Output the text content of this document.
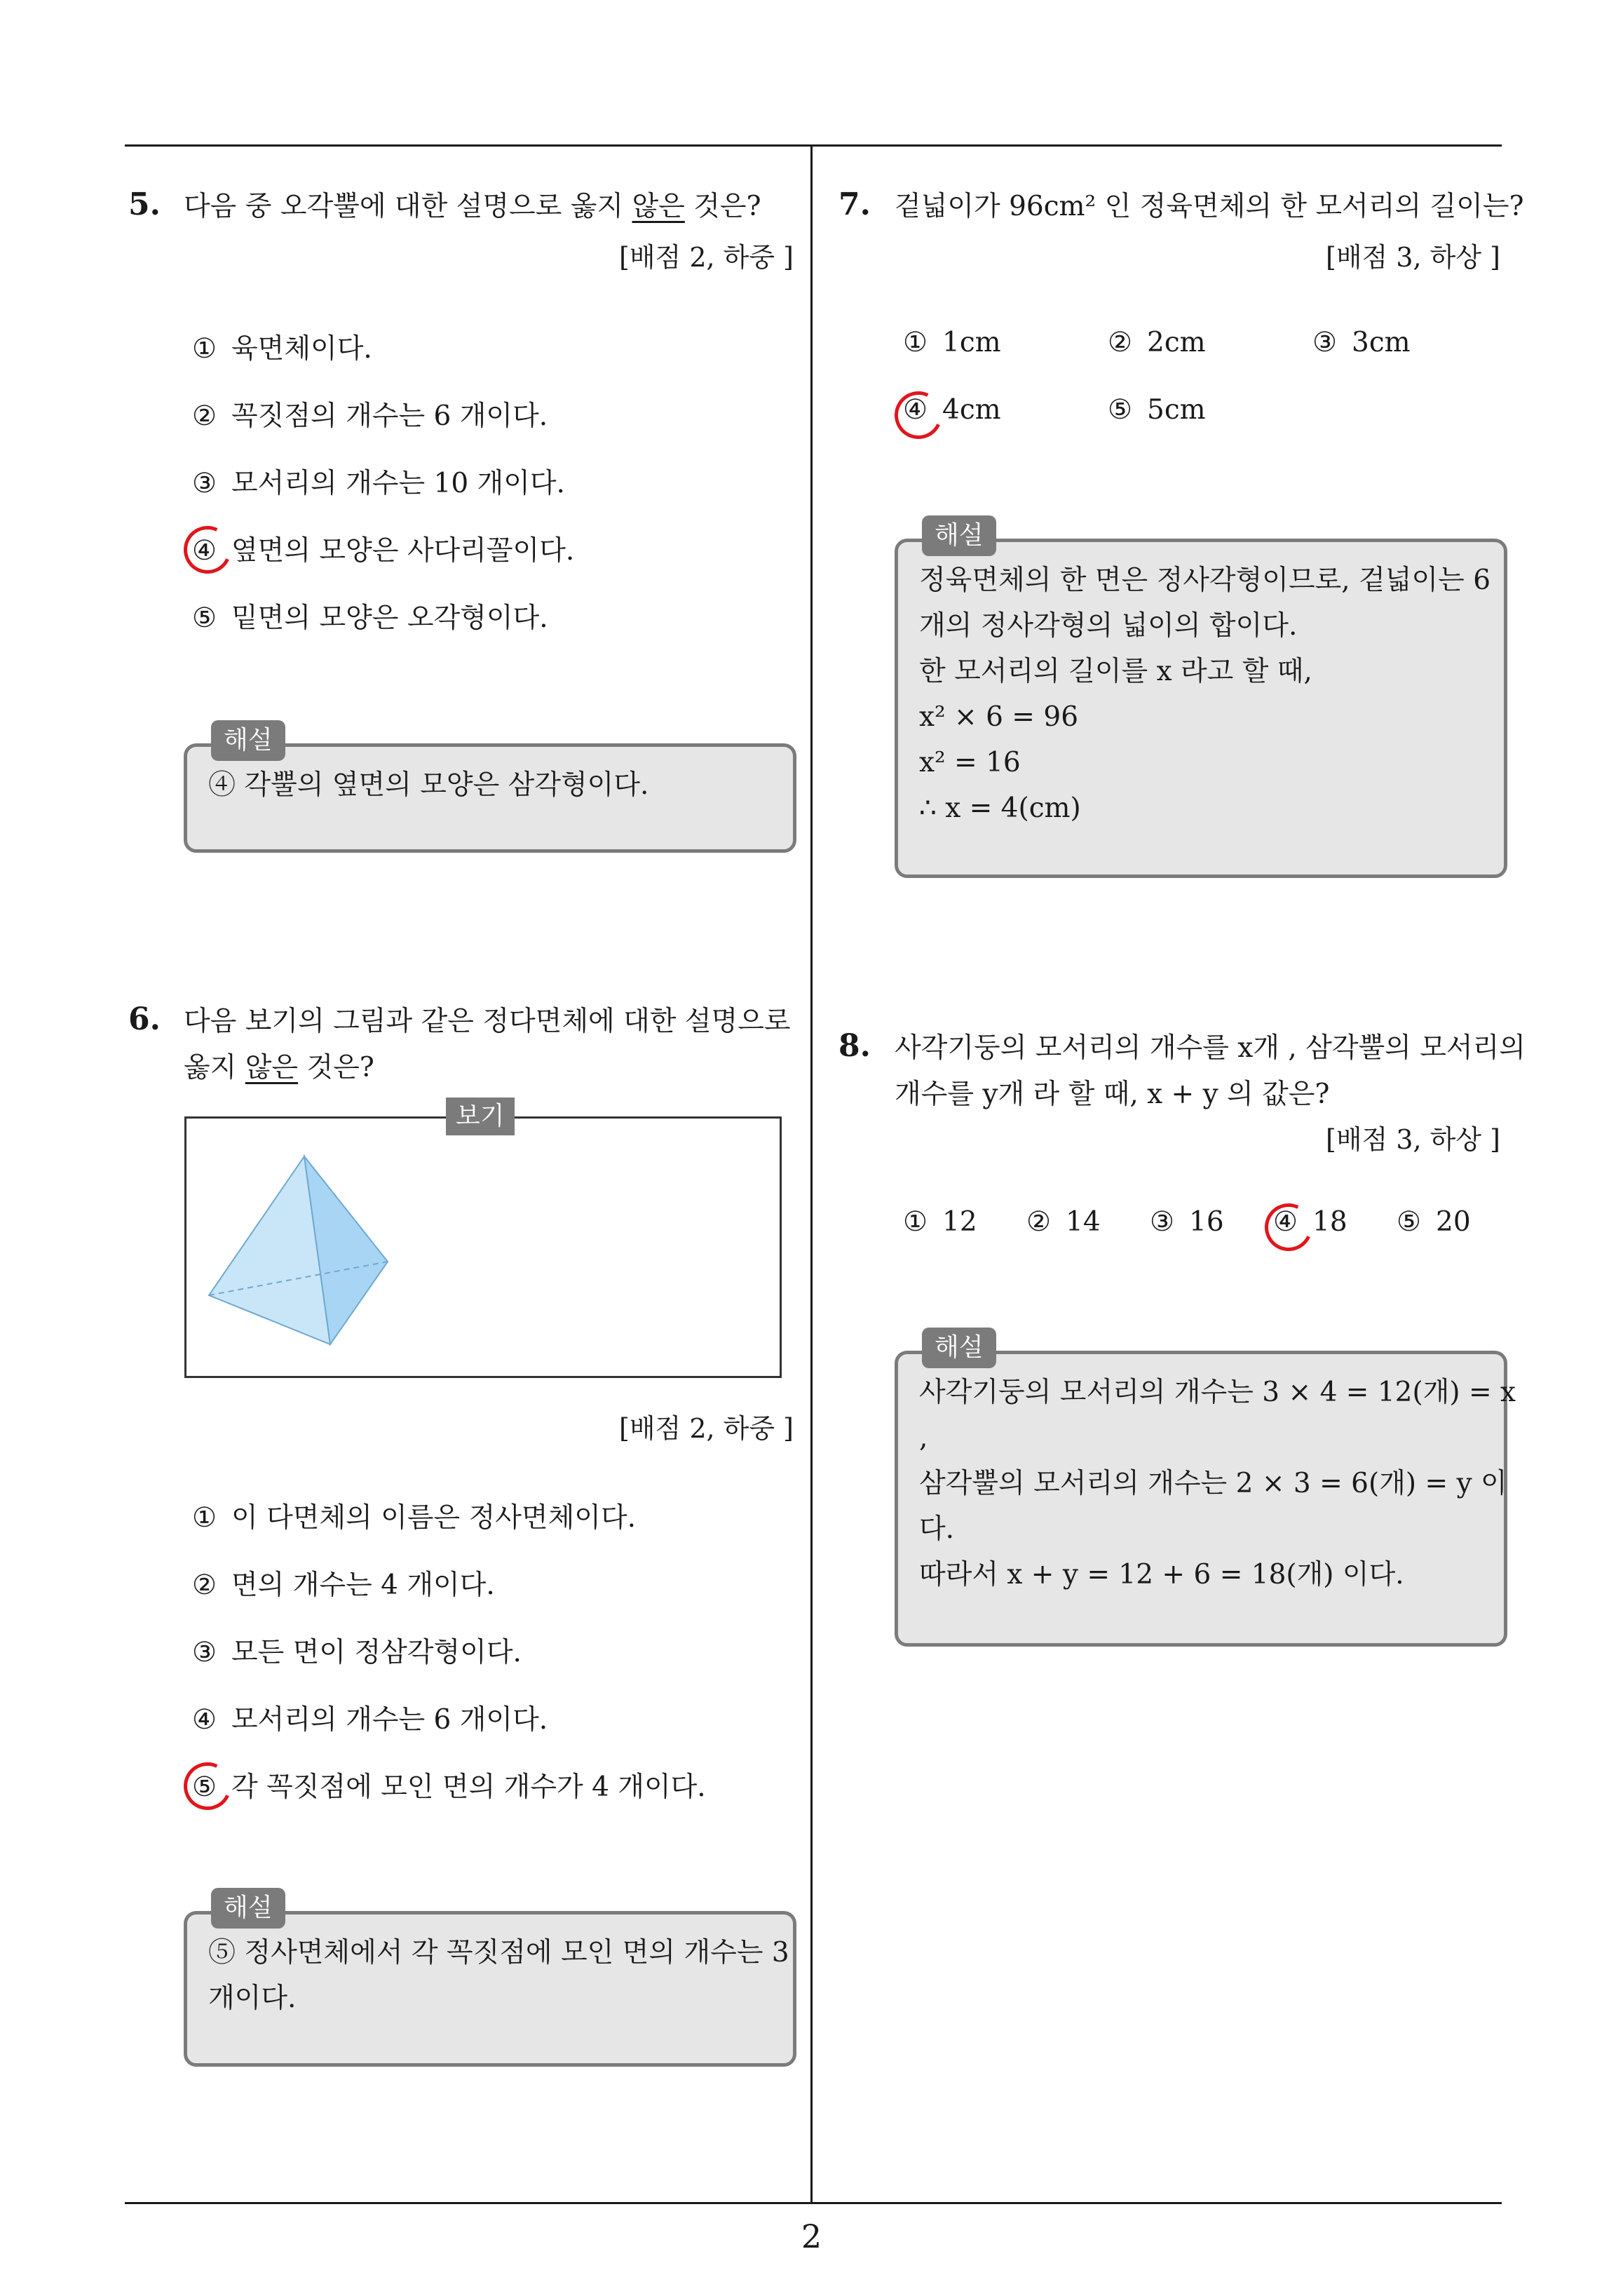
5. 다음 중 오각뿔에 대한 설명으로 옳지 않은 것은?
[배점 2, 하중 ]
① 육면체이다.
② 꼭짓점의 개수는 6 개이다.
③ 모서리의 개수는 10 개이다.
④ 옆면의 모양은 사다리꼴이다.
⑤ 밑면의 모양은 오각형이다.
해설
④ 각뿔의 옆면의 모양은 삼각형이다.
6. 다음 보기의 그림과 같은 정다면체에 대한 설명으로
옳지 않은 것은?
보기
[배점 2, 하중 ]
① 이 다면체의 이름은 정사면체이다.
② 면의 개수는 4 개이다.
③ 모든 면이 정삼각형이다.
④ 모서리의 개수는 6 개이다.
⑤ 각 꼭짓점에 모인 면의 개수가 4 개이다.
해설
⑤ 정사면체에서 각 꼭짓점에 모인 면의 개수는 3
개이다.
7. 겉넓이가 96cm² 인 정육면체의 한 모서리의 길이는?
[배점 3, 하상 ]
① 1cm	② 2cm	③ 3cm
④ 4cm	⑤ 5cm
해설
정육면체의 한 면은 정사각형이므로, 겉넓이는 6
개의 정사각형의 넓이의 합이다.
한 모서리의 길이를 x 라고 할 때,
x² × 6 = 96
x² = 16
∴ x = 4(cm)
8. 사각기둥의 모서리의 개수를 x개 , 삼각뿔의 모서리의
개수를 y개 라 할 때, x + y 의 값은?
[배점 3, 하상 ]
① 12 ② 14 ③ 16 ④ 18 ⑤ 20
해설
사각기둥의 모서리의 개수는 3 × 4 = 12(개) = x
,
삼각뿔의 모서리의 개수는 2 × 3 = 6(개) = y 이
다.
따라서 x + y = 12 + 6 = 18(개) 이다.
2
